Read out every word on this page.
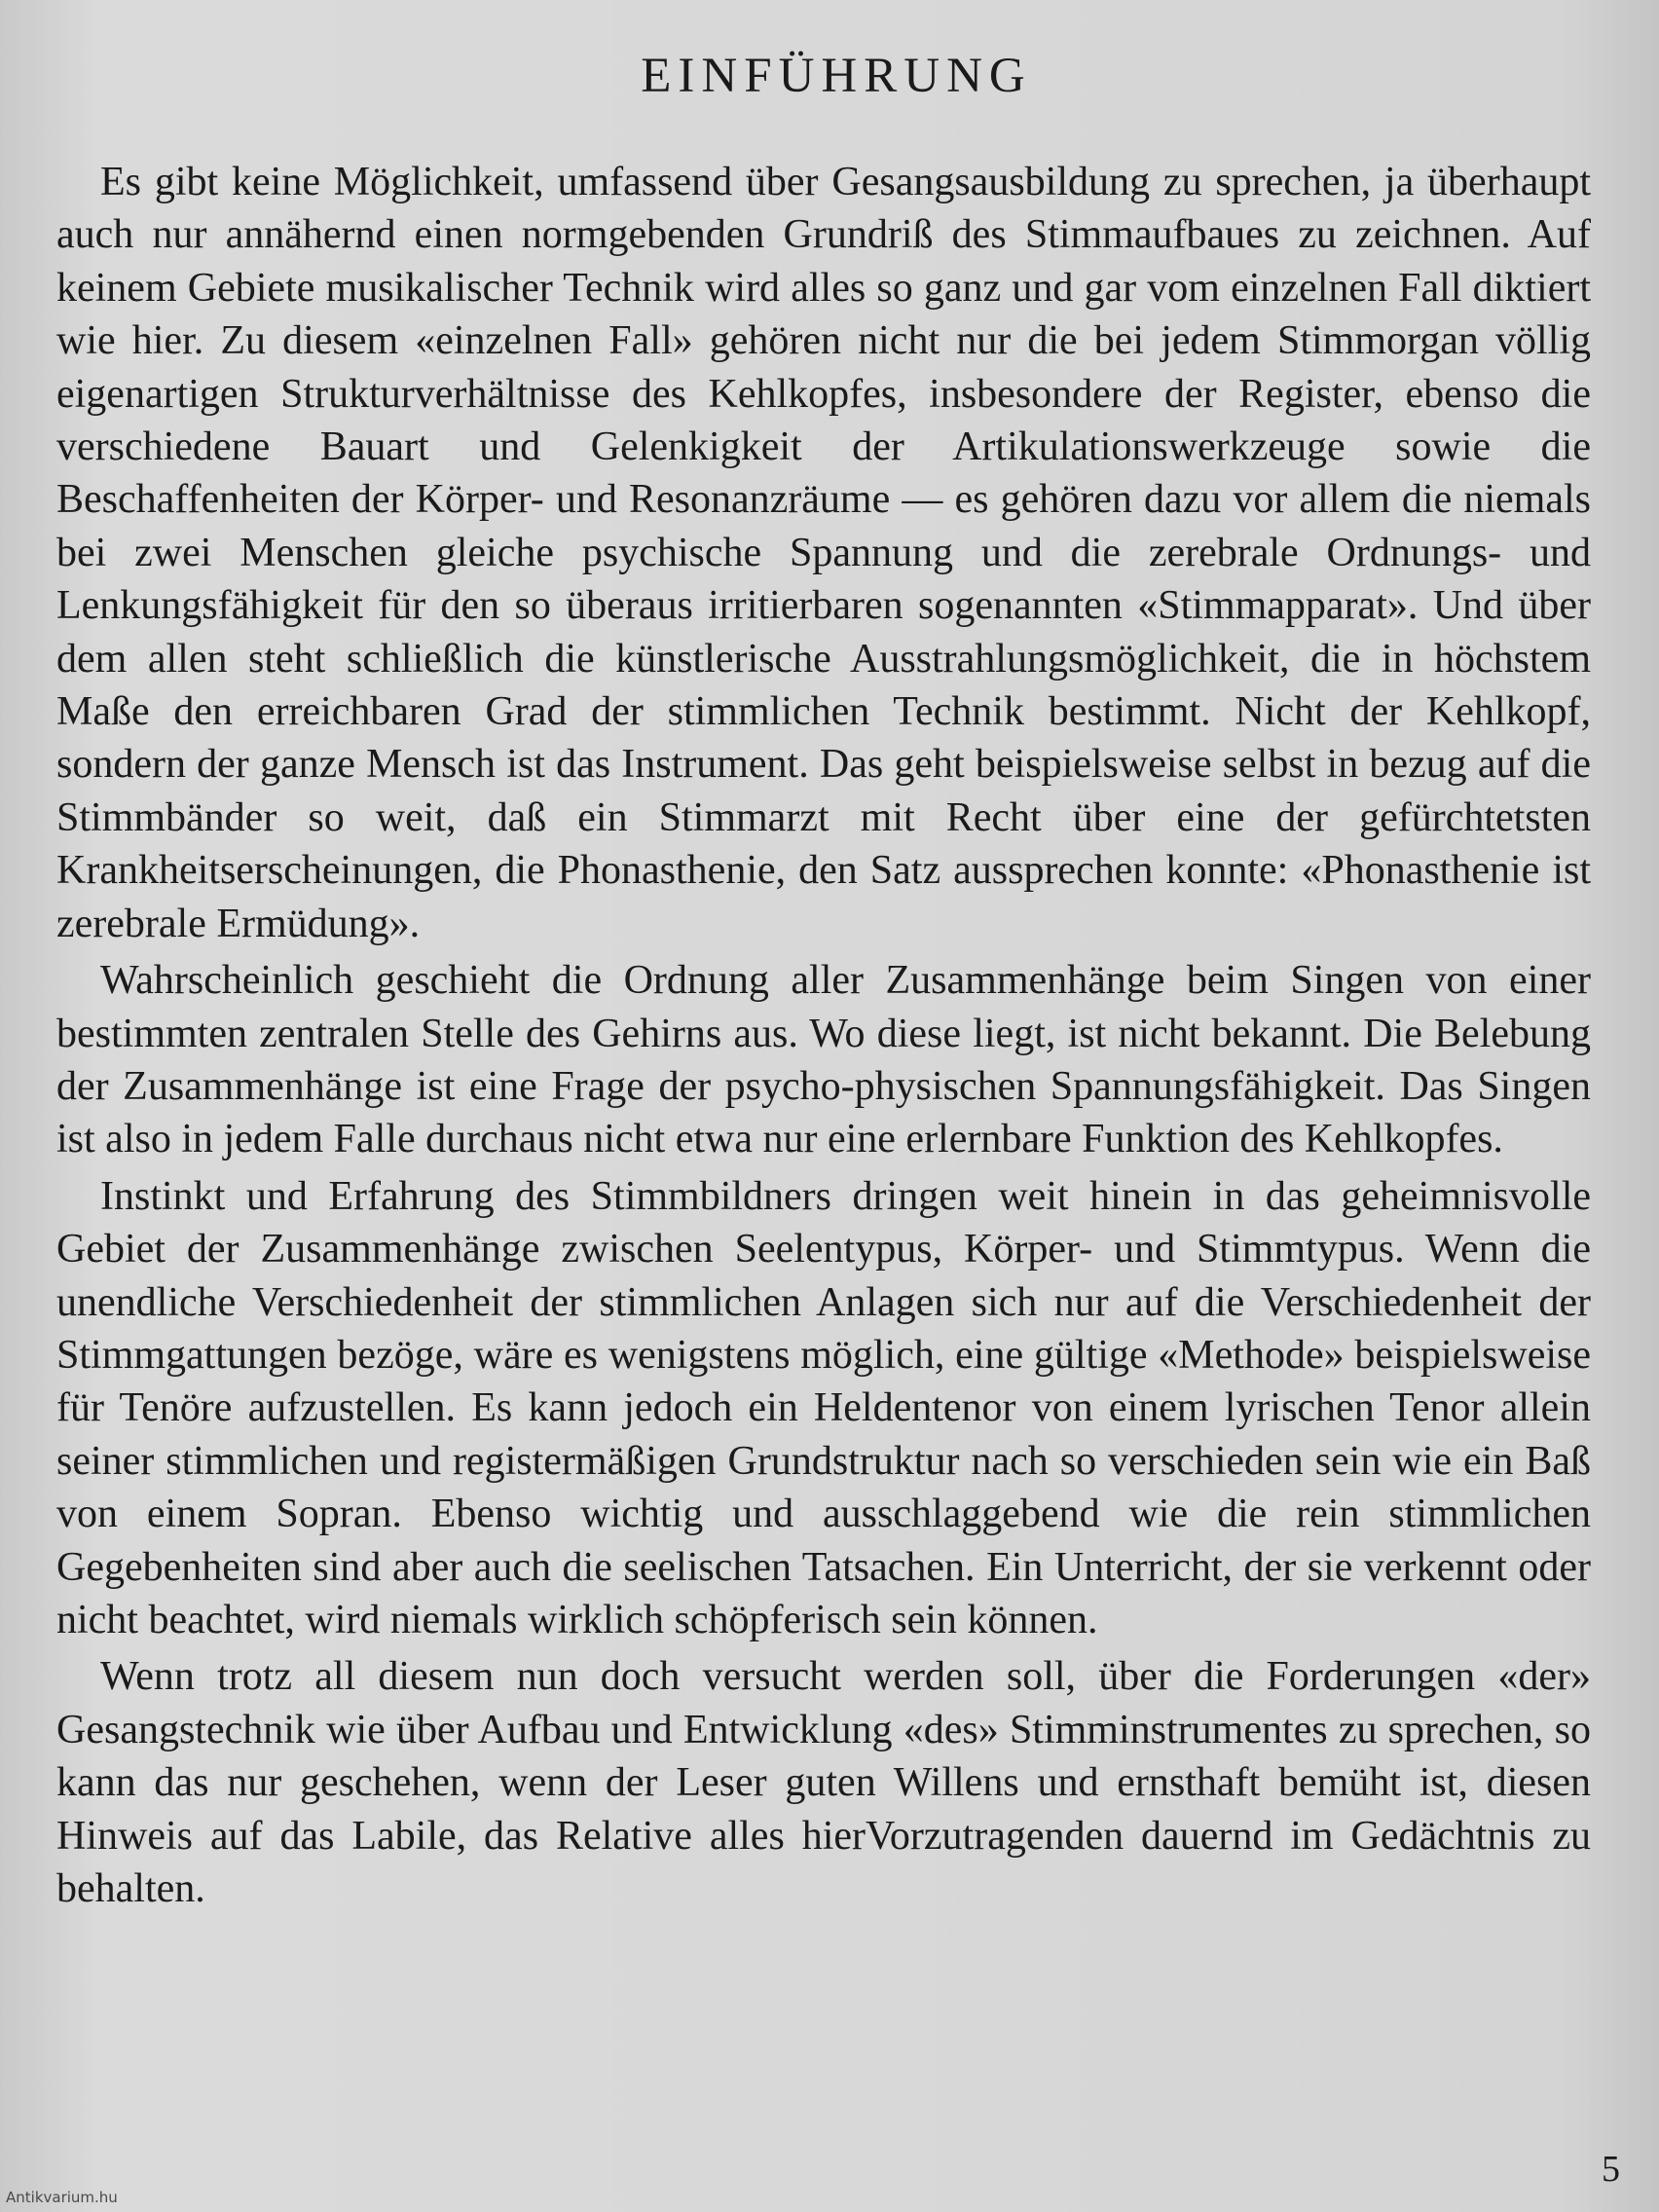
EINFÜHRUNG

Es gibt keine Möglichkeit, umfassend über Gesangsausbildung zu sprechen, ja überhaupt auch nur annähernd einen normgebenden Grundriß des Stimmaufbaues zu zeichnen. Auf keinem Gebiete musikalischer Technik wird alles so ganz und gar vom einzelnen Fall diktiert wie hier. Zu diesem «einzelnen Fall» gehören nicht nur die bei jedem Stimmorgan völlig eigenartigen Strukturverhältnisse des Kehlkopfes, insbesondere der Register, ebenso die verschiedene Bauart und Gelenkigkeit der Artikulationswerkzeuge sowie die Beschaffenheiten der Körper- und Resonanzräume — es gehören dazu vor allem die niemals bei zwei Menschen gleiche psychische Spannung und die zerebrale Ordnungs- und Lenkungsfähigkeit für den so überaus irritierbaren sogenannten «Stimmapparat». Und über dem allen steht schließlich die künstlerische Ausstrahlungsmöglichkeit, die in höchstem Maße den erreichbaren Grad der stimmlichen Technik bestimmt. Nicht der Kehlkopf, sondern der ganze Mensch ist das Instrument. Das geht beispielsweise selbst in bezug auf die Stimmbänder so weit, daß ein Stimmarzt mit Recht über eine der gefürchtetsten Krankheitserscheinungen, die Phonasthenie, den Satz aussprechen konnte: «Phonasthenie ist zerebrale Ermüdung».

Wahrscheinlich geschieht die Ordnung aller Zusammenhänge beim Singen von einer bestimmten zentralen Stelle des Gehirns aus. Wo diese liegt, ist nicht bekannt. Die Belebung der Zusammenhänge ist eine Frage der psycho-physischen Spannungsfähigkeit. Das Singen ist also in jedem Falle durchaus nicht etwa nur eine erlernbare Funktion des Kehlkopfes.

Instinkt und Erfahrung des Stimmbildners dringen weit hinein in das geheimnisvolle Gebiet der Zusammenhänge zwischen Seelentypus, Körper- und Stimmtypus. Wenn die unendliche Verschiedenheit der stimmlichen Anlagen sich nur auf die Verschiedenheit der Stimmgattungen bezöge, wäre es wenigstens möglich, eine gültige «Methode» beispielsweise für Tenöre aufzustellen. Es kann jedoch ein Heldentenor von einem lyrischen Tenor allein seiner stimmlichen und registermäßigen Grundstruktur nach so verschieden sein wie ein Baß von einem Sopran. Ebenso wichtig und ausschlaggebend wie die rein stimmlichen Gegebenheiten sind aber auch die seelischen Tatsachen. Ein Unterricht, der sie verkennt oder nicht beachtet, wird niemals wirklich schöpferisch sein können.

Wenn trotz all diesem nun doch versucht werden soll, über die Forderungen «der» Gesangstechnik wie über Aufbau und Entwicklung «des» Stimminstrumentes zu sprechen, so kann das nur geschehen, wenn der Leser guten Willens und ernsthaft bemüht ist, diesen Hinweis auf das Labile, das Relative alles hierVorzutragenden dauernd im Gedächtnis zu behalten.

5
Antikvarium.hu
